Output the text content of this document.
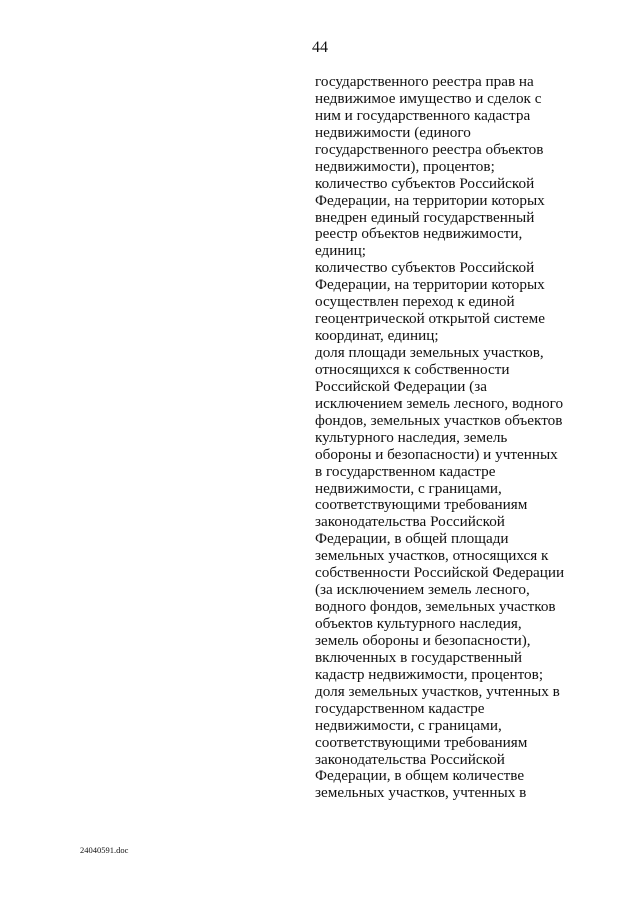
44
государственного реестра прав на
недвижимое имущество и сделок с
ним и государственного кадастра
недвижимости (единого
государственного реестра объектов
недвижимости), процентов;
количество субъектов Российской
Федерации, на территории которых
внедрен единый государственный
реестр объектов недвижимости,
единиц;
количество субъектов Российской
Федерации, на территории которых
осуществлен переход к единой
геоцентрической открытой системе
координат, единиц;
доля площади земельных участков,
относящихся к собственности
Российской Федерации (за
исключением земель лесного, водного
фондов, земельных участков объектов
культурного наследия, земель
обороны и безопасности) и учтенных
в государственном кадастре
недвижимости, с границами,
соответствующими требованиям
законодательства Российской
Федерации, в общей площади
земельных участков, относящихся к
собственности Российской Федерации
(за исключением земель лесного,
водного фондов, земельных участков
объектов культурного наследия,
земель обороны и безопасности),
включенных в государственный
кадастр недвижимости, процентов;
доля земельных участков, учтенных в
государственном кадастре
недвижимости, с границами,
соответствующими требованиям
законодательства Российской
Федерации, в общем количестве
земельных участков, учтенных в
24040591.doc
